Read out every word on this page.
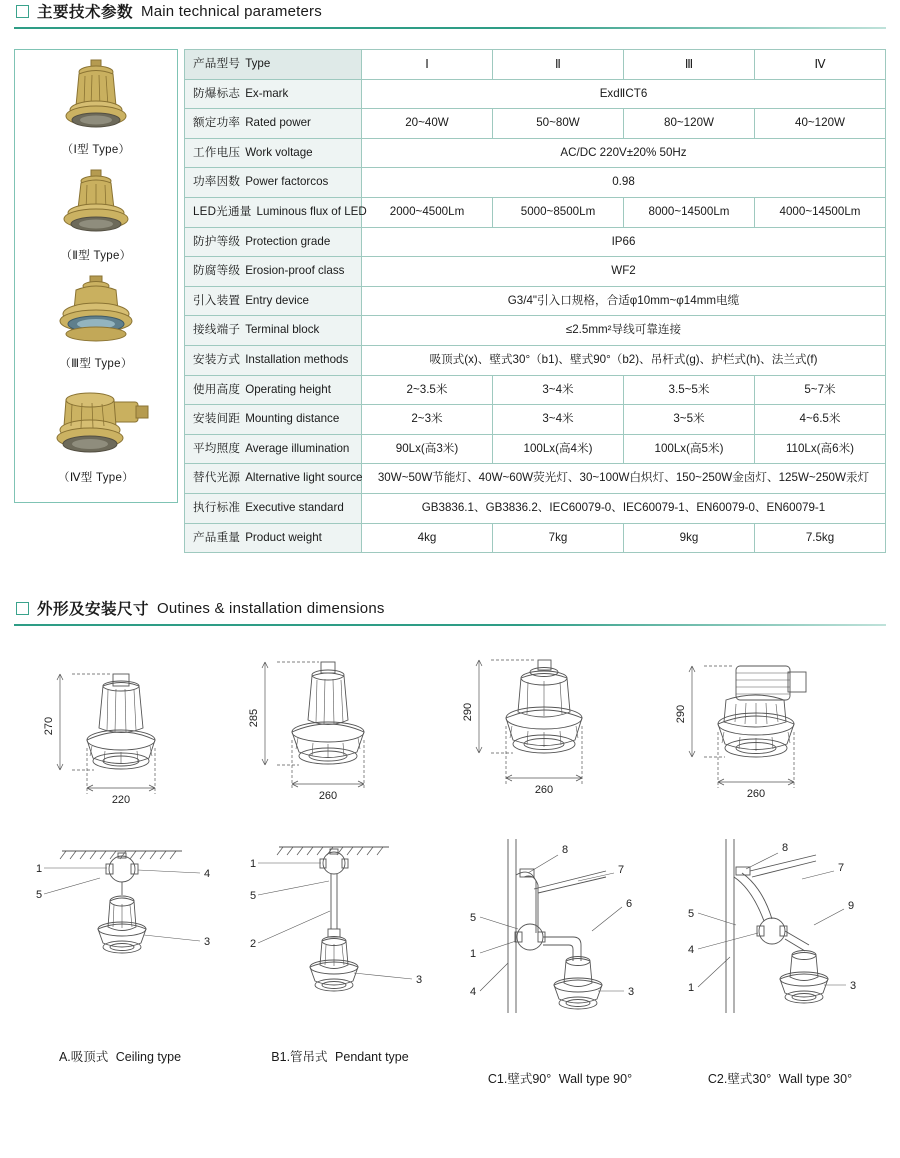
主要技术参数 Main technical parameters
（Ⅰ型 Type）
（Ⅱ型 Type）
（Ⅲ型 Type）
（Ⅳ型 Type）
产品型号 Type	Ⅰ	Ⅱ	Ⅲ	Ⅳ
防爆标志 Ex-mark	ExdⅡCT6			
额定功率 Rated power	20~40W	50~80W	80~120W	40~120W
工作电压 Work voltage	AC/DC 220V±20% 50Hz			
功率因数 Power factorcos	0.98			
LED光通量 Luminous flux of LED	2000~4500Lm	5000~8500Lm	8000~14500Lm	4000~14500Lm
防护等级 Protection grade	IP66			
防腐等级 Erosion-proof class	WF2			
引入装置 Entry device	G3/4"引入口规格，合适φ10mm~φ14mm电缆			
接线端子 Terminal block	≤2.5mm²导线可靠连接			
安装方式 Installation methods	吸顶式(x)、壁式30°（b1)、壁式90°（b2)、吊杆式(g)、护栏式(h)、法兰式(f)			
使用高度 Operating height	2~3.5米	3~4米	3.5~5米	5~7米
安装间距 Mounting distance	2~3米	3~4米	3~5米	4~6.5米
平均照度 Average illumination	90Lx(高3米)	100Lx(高4米)	100Lx(高5米)	110Lx(高6米)
替代光源 Alternative light source	30W~50W节能灯、40W~60W荧光灯、30~100W白炽灯、150~250W金卤灯、125W~250W汞灯			
执行标准 Executive standard	GB3836.1、GB3836.2、IEC60079-0、IEC60079-1、EN60079-0、EN60079-1			
产品重量 Product weight	4kg	7kg	9kg	7.5kg
外形及安装尺寸 Outines & installation dimensions
270
220
285
260
290
260
290
260
1
5
4
3
1
5
2
3
8
7
6
5
1
4	3
8
7
9
5
4
1	3
A.吸顶式 Ceiling type	B1.管吊式 Pendant type
C1.壁式90° Wall type 90°	C2.壁式30° Wall type 30°
